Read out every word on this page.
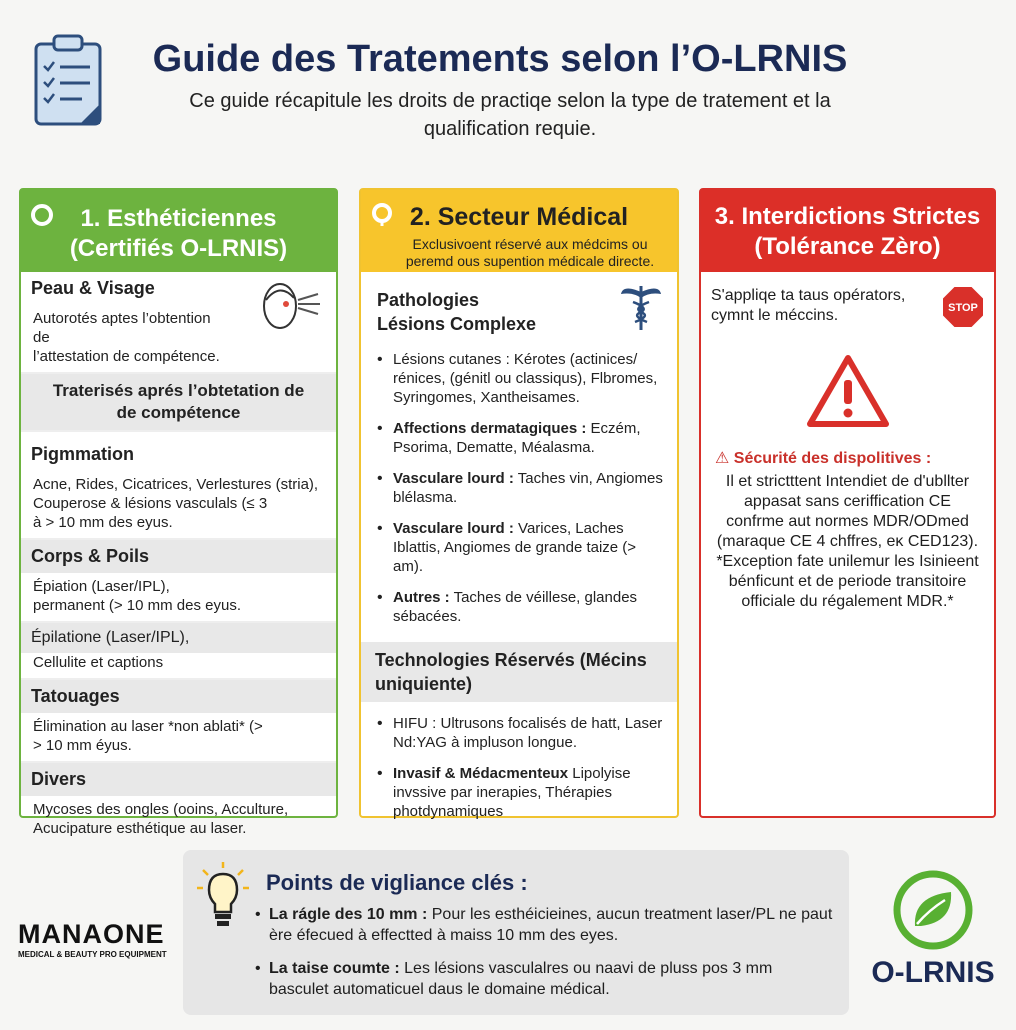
Guide des Tratements selon l’O-LRNIS
Ce guide récapitule les droits de practiqe selon la type de tratement et la
qualification requie.
1. Esthéticiennes
(Certifiés O-LRNIS)
Peau & Visage
Autorotés aptes l’obtention de
l’attestation de compétence.
Traterisés aprés l’obtetation de
de compétence
Pigmmation
Acne, Rides, Cicatrices, Verlestures (stria),
Couperose & lésions vasculals (≤ 3
à > 10 mm des eyus.
Corps & Poils
Épiation (Laser/IPL),
permanent (> 10 mm des eyus.
Épilatione (Laser/IPL),
Cellulite et captions
Tatouages
Élimination au laser *non ablati* (>
> 10 mm éyus.
Divers
Mycoses des ongles (ooins, Acculture,
Acucipature esthétique au laser.
2. Secteur Médical
Exclusivoent réservé aux médcims ou
peremd ous supention médicale directe.
Pathologies
Lésions Complexe
• Lésions cutanes : Kérotes (actinices/ rénices, (génitl ou classiqus), Flbromes, Syringomes, Xantheisames.
• Affections dermatagiques : Eczém, Psorima, Dematte, Méalasma.
• Vasculare lourd : Taches vin, Angiomes blélasma.
• Vasculare lourd : Varices, Laches Iblattis, Angiomes de grande taize (> am).
• Autres : Taches de véillese, glandes sébacées.
Technologies Réservés (Mécins uniquiente)
• HIFU : Ultrusons focalisés de hatt, Laser Nd:YAG à impluson longue.
• Invasif & Médacmenteux Lipolyise invssive par inerapies, Thérapies photdynamiques
3. Interdictions Strictes
(Tolérance Zèro)
S'appliqe ta taus opérators,
cymnt le méccins.	STOP
⚠ Sécurité des dispolitives :
Il et strictttent Intendiet de d'ubllter appasat sans ceriffication CE confrme aut normes MDR/ODmed (maraque CE 4 chffres, eκ CED123). *Exception fate unilemur les Isinieent bénficunt et de periode transitoire officiale du régalement MDR.*
Points de vigliance clés :
• La rágle des 10 mm : Pour les esthéicieines, aucun treatment laser/PL ne paut ère éfecued à effectted à maiss 10 mm des eyes.
• La taise coumte : Les lésions vasculalres ou naavi de pluss pos 3 mm basculet automaticuel daus le domaine médical.
MANAONE
MEDICAL & BEAUTY PRO EQUIPMENT
O-LRNIS
